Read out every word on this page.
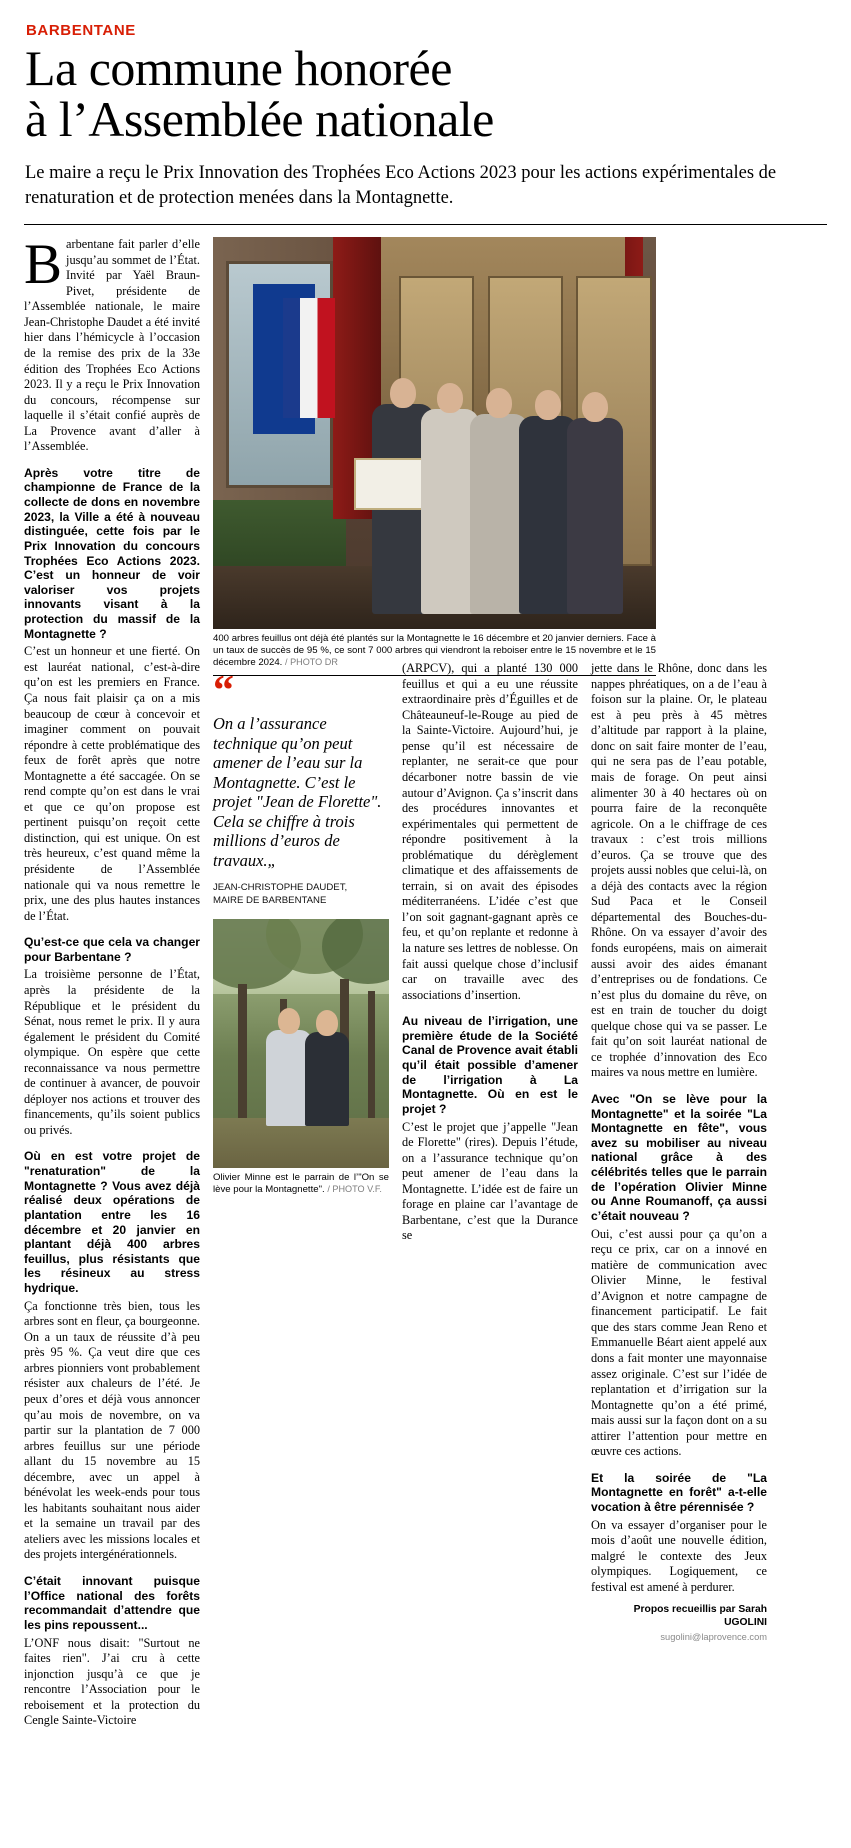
BARBENTANE
La commune honorée
à l’Assemblée nationale
Le maire a reçu le Prix Innovation des Trophées Eco Actions 2023 pour les actions expérimentales de renaturation et de protection menées dans la Montagnette.

Barbentane fait parler d’elle jusqu’au sommet de l’État. Invité par Yaël Braun-Pivet, présidente de l’Assemblée nationale, le maire Jean-Christophe Daudet a été invité hier dans l’hémicycle à l’occasion de la remise des prix de la 33e édition des Trophées Eco Actions 2023. Il y a reçu le Prix Innovation du concours, récompense sur laquelle il s’était confié auprès de La Provence avant d’aller à l’Assemblée.

Après votre titre de championne de France de la collecte de dons en novembre 2023, la Ville a été à nouveau distinguée, cette fois par le Prix Innovation du concours Trophées Eco Actions 2023. C’est un honneur de voir valoriser vos projets innovants visant à la protection du massif de la Montagnette ?

C’est un honneur et une fierté. On est lauréat national, c’est-à-dire qu’on est les premiers en France. Ça nous fait plaisir ça on a mis beaucoup de cœur à concevoir et imaginer comment on pouvait répondre à cette problématique des feux de forêt après que notre Montagnette a été saccagée. On se rend compte qu’on est dans le vrai et que ce qu’on propose est pertinent puisqu’on reçoit cette distinction, qui est unique. On est très heureux, c’est quand même la présidente de l’Assemblée nationale qui va nous remettre le prix, une des plus hautes instances de l’État.

Qu’est-ce que cela va changer pour Barbentane ?

La troisième personne de l’État, après la présidente de la République et le président du Sénat, nous remet le prix. Il y aura également le président du Comité olympique. On espère que cette reconnaissance va nous permettre de continuer à avancer, de pouvoir déployer nos actions et trouver des financements, qu’ils soient publics ou privés.

Où en est votre projet de "renaturation" de la Montagnette ? Vous avez déjà réalisé deux opérations de plantation entre les 16 décembre et 20 janvier en plantant déjà 400 arbres feuillus, plus résistants que les résineux au stress hydrique.

Ça fonctionne très bien, tous les arbres sont en fleur, ça bourgeonne. On a un taux de réussite d’à peu près 95 %. Ça veut dire que ces arbres pionniers vont probablement résister aux chaleurs de l’été. Je peux d’ores et déjà vous annoncer qu’au mois de novembre, on va partir sur la plantation de 7 000 arbres feuillus sur une période allant du 15 novembre au 15 décembre, avec un appel à bénévolat les week-ends pour tous les habitants souhaitant nous aider et la semaine un travail par des ateliers avec les missions locales et des projets intergénérationnels.

C’était innovant puisque l’Office national des forêts recommandait d’attendre que les pins repoussent...

L’ONF nous disait: "Surtout ne faites rien". J’ai cru à cette injonction jusqu’à ce que je rencontre l’Association pour le reboisement et la protection du Cengle Sainte-Victoire

“
On a l’assurance technique qu’on peut amener de l’eau sur la Montagnette. C’est le projet "Jean de Florette". Cela se chiffre à trois millions d’euros de travaux.„
JEAN-CHRISTOPHE DAUDET,
MAIRE DE BARBENTANE
Olivier Minne est le parrain de l’"On se lève pour la Montagnette". / PHOTO V.F.

(ARPCV), qui a planté 130 000 feuillus et qui a eu une réussite extraordinaire près d’Éguilles et de Châteauneuf-le-Rouge au pied de la Sainte-Victoire. Aujourd’hui, je pense qu’il est nécessaire de replanter, ne serait-ce que pour décarboner notre bassin de vie autour d’Avignon. Ça s’inscrit dans des procédures innovantes et expérimentales qui permettent de répondre positivement à la problématique du dérèglement climatique et des affaissements de terrain, si on avait des épisodes méditerranéens. L’idée c’est que l’on soit gagnant-gagnant après ce feu, et qu’on replante et redonne à la nature ses lettres de noblesse. On fait aussi quelque chose d’inclusif car on travaille avec des associations d’insertion.

Au niveau de l’irrigation, une première étude de la Société Canal de Provence avait établi qu’il était possible d’amener de l’irrigation à La Montagnette. Où en est le projet ?

C’est le projet que j’appelle "Jean de Florette" (rires). Depuis l’étude, on a l’assurance technique qu’on peut amener de l’eau dans la Montagnette. L’idée est de faire un forage en plaine car l’avantage de Barbentane, c’est que la Durance se

jette dans le Rhône, donc dans les nappes phréatiques, on a de l’eau à foison sur la plaine. Or, le plateau est à peu près à 45 mètres d’altitude par rapport à la plaine, donc on sait faire monter de l’eau, qui ne sera pas de l’eau potable, mais de forage. On peut ainsi alimenter 30 à 40 hectares où on pourra faire de la reconquête agricole. On a le chiffrage de ces travaux : c’est trois millions d’euros. Ça se trouve que des projets aussi nobles que celui-là, on a déjà des contacts avec la région Sud Paca et le Conseil départemental des Bouches-du-Rhône. On va essayer d’avoir des fonds européens, mais on aimerait aussi avoir des aides émanant d’entreprises ou de fondations. Ce n’est plus du domaine du rêve, on est en train de toucher du doigt quelque chose qui va se passer. Le fait qu’on soit lauréat national de ce trophée d’innovation des Eco maires va nous mettre en lumière.

Avec "On se lève pour la Montagnette" et la soirée "La Montagnette en fête", vous avez su mobiliser au niveau national grâce à des célébrités telles que le parrain de l’opération Olivier Minne ou Anne Roumanoff, ça aussi c’était nouveau ?

Oui, c’est aussi pour ça qu’on a reçu ce prix, car on a innové en matière de communication avec Olivier Minne, le festival d’Avignon et notre campagne de financement participatif. Le fait que des stars comme Jean Reno et Emmanuelle Béart aient appelé aux dons a fait monter une mayonnaise assez originale. C’est sur l’idée de replantation et d’irrigation sur la Montagnette qu’on a été primé, mais aussi sur la façon dont on a su attirer l’attention pour mettre en œuvre ces actions.

Et la soirée de "La Montagnette en forêt" a-t-elle vocation à être pérennisée ?

On va essayer d’organiser pour le mois d’août une nouvelle édition, malgré le contexte des Jeux olympiques. Logiquement, ce festival est amené à perdurer.

Propos recueillis par Sarah UGOLINI
sugolini@laprovence.com
400 arbres feuillus ont déjà été plantés sur la Montagnette le 16 décembre et 20 janvier derniers. Face à un taux de succès de 95 %, ce sont 7 000 arbres qui viendront la reboiser entre le 15 novembre et le 15 décembre 2024. / PHOTO DR
